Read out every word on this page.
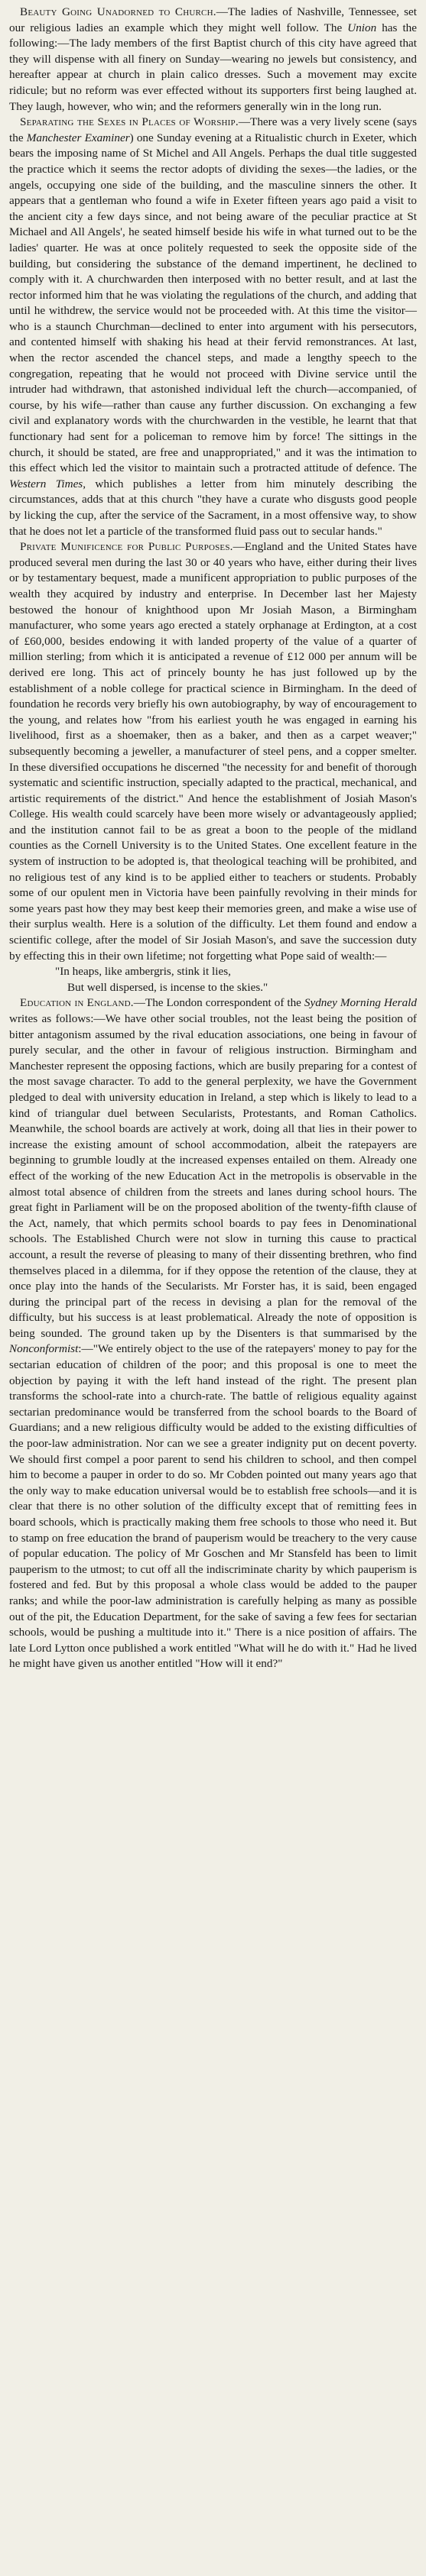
Beauty Going Unadorned to Church.—The ladies of Nashville, Tennessee, set our religious ladies an example which they might well follow. The Union has the following:—The lady members of the first Baptist church of this city have agreed that they will dispense with all finery on Sunday—wearing no jewels but consistency, and hereafter appear at church in plain calico dresses. Such a movement may excite ridicule; but no reform was ever effected without its supporters first being laughed at. They laugh, however, who win; and the reformers generally win in the long run.

Separating the Sexes in Places of Worship.—There was a very lively scene (says the Manchester Examiner) one Sunday evening at a Ritualistic church in Exeter, which bears the imposing name of St Michel and All Angels. Perhaps the dual title suggested the practice which it seems the rector adopts of dividing the sexes—the ladies, or the angels, occupying one side of the building, and the masculine sinners the other. It appears that a gentleman who found a wife in Exeter fifteen years ago paid a visit to the ancient city a few days since, and not being aware of the peculiar practice at St Michael and All Angels', he seated himself beside his wife in what turned out to be the ladies' quarter. He was at once politely requested to seek the opposite side of the building, but considering the substance of the demand impertinent, he declined to comply with it. A churchwarden then interposed with no better result, and at last the rector informed him that he was violating the regulations of the church, and adding that until he withdrew, the service would not be proceeded with. At this time the visitor—who is a staunch Churchman—declined to enter into argument with his persecutors, and contented himself with shaking his head at their fervid remonstrances. At last, when the rector ascended the chancel steps, and made a lengthy speech to the congregation, repeating that he would not proceed with Divine service until the intruder had withdrawn, that astonished individual left the church—accompanied, of course, by his wife—rather than cause any further discussion. On exchanging a few civil and explanatory words with the churchwarden in the vestible, he learnt that that functionary had sent for a policeman to remove him by force! The sittings in the church, it should be stated, are free and unappropriated," and it was the intimation to this effect which led the visitor to maintain such a protracted attitude of defence. The Western Times, which publishes a letter from him minutely describing the circumstances, adds that at this church "they have a curate who disgusts good people by licking the cup, after the service of the Sacrament, in a most offensive way, to show that he does not let a particle of the transformed fluid pass out to secular hands."

Private Munificence for Public Purposes.—England and the United States have produced several men during the last 30 or 40 years who have, either during their lives or by testamentary bequest, made a munificent appropriation to public purposes of the wealth they acquired by industry and enterprise. In December last her Majesty bestowed the honour of knighthood upon Mr Josiah Mason, a Birmingham manufacturer, who some years ago erected a stately orphanage at Erdington, at a cost of £60,000, besides endowing it with landed property of the value of a quarter of million sterling; from which it is anticipated a revenue of £12 000 per annum will be derived ere long. This act of princely bounty he has just followed up by the establishment of a noble college for practical science in Birmingham. In the deed of foundation he records very briefly his own autobiography, by way of encouragement to the young, and relates how "from his earliest youth he was engaged in earning his livelihood, first as a shoemaker, then as a baker, and then as a carpet weaver;" subsequently becoming a jeweller, a manufacturer of steel pens, and a copper smelter. In these diversified occupations he discerned "the necessity for and benefit of thorough systematic and scientific instruction, specially adapted to the practical, mechanical, and artistic requirements of the district." And hence the establishment of Josiah Mason's College. His wealth could scarcely have been more wisely or advantageously applied; and the institution cannot fail to be as great a boon to the people of the midland counties as the Cornell University is to the United States. One excellent feature in the system of instruction to be adopted is, that theological teaching will be prohibited, and no religious test of any kind is to be applied either to teachers or students. Probably some of our opulent men in Victoria have been painfully revolving in their minds for some years past how they may best keep their memories green, and make a wise use of their surplus wealth. Here is a solution of the difficulty. Let them found and endow a scientific college, after the model of Sir Josiah Mason's, and save the succession duty by effecting this in their own lifetime; not forgetting what Pope said of wealth:—

"In heaps, like ambergris, stink it lies,
But well dispersed, is incense to the skies."

Education in England.—The London correspondent of the Sydney Morning Herald writes as follows:—We have other social troubles, not the least being the position of bitter antagonism assumed by the rival education associations, one being in favour of purely secular, and the other in favour of religious instruction. Birmingham and Manchester represent the opposing factions, which are busily preparing for a contest of the most savage character. To add to the general perplexity, we have the Government pledged to deal with university education in Ireland, a step which is likely to lead to a kind of triangular duel between Secularists, Protestants, and Roman Catholics. Meanwhile, the school boards are actively at work, doing all that lies in their power to increase the existing amount of school accommodation, albeit the ratepayers are beginning to grumble loudly at the increased expenses entailed on them. Already one effect of the working of the new Education Act in the metropolis is observable in the almost total absence of children from the streets and lanes during school hours. The great fight in Parliament will be on the proposed abolition of the twenty-fifth clause of the Act, namely, that which permits school boards to pay fees in Denominational schools. The Established Church were not slow in turning this cause to practical account, a result the reverse of pleasing to many of their dissenting brethren, who find themselves placed in a dilemma, for if they oppose the retention of the clause, they at once play into the hands of the Secularists. Mr Forster has, it is said, been engaged during the principal part of the recess in devising a plan for the removal of the difficulty, but his success is at least problematical. Already the note of opposition is being sounded. The ground taken up by the Disenters is that summarised by the Nonconformist:—"We entirely object to the use of the ratepayers' money to pay for the sectarian education of children of the poor; and this proposal is one to meet the objection by paying it with the left hand instead of the right. The present plan transforms the school-rate into a church-rate. The battle of religious equality against sectarian predominance would be transferred from the school boards to the Board of Guardians; and a new religious difficulty would be added to the existing difficulties of the poor-law administration. Nor can we see a greater indignity put on decent poverty. We should first compel a poor parent to send his children to school, and then compel him to become a pauper in order to do so. Mr Cobden pointed out many years ago that the only way to make education universal would be to establish free schools—and it is clear that there is no other solution of the difficulty except that of remitting fees in board schools, which is practically making them free schools to those who need it. But to stamp on free education the brand of pauperism would be treachery to the very cause of popular education. The policy of Mr Goschen and Mr Stansfeld has been to limit pauperism to the utmost; to cut off all the indiscriminate charity by which pauperism is fostered and fed. But by this proposal a whole class would be added to the pauper ranks; and while the poor-law administration is carefully helping as many as possible out of the pit, the Education Department, for the sake of saving a few fees for sectarian schools, would be pushing a multitude into it." There is a nice position of affairs. The late Lord Lytton once published a work entitled "What will he do with it." Had he lived he might have given us another entitled "How will it end?"
